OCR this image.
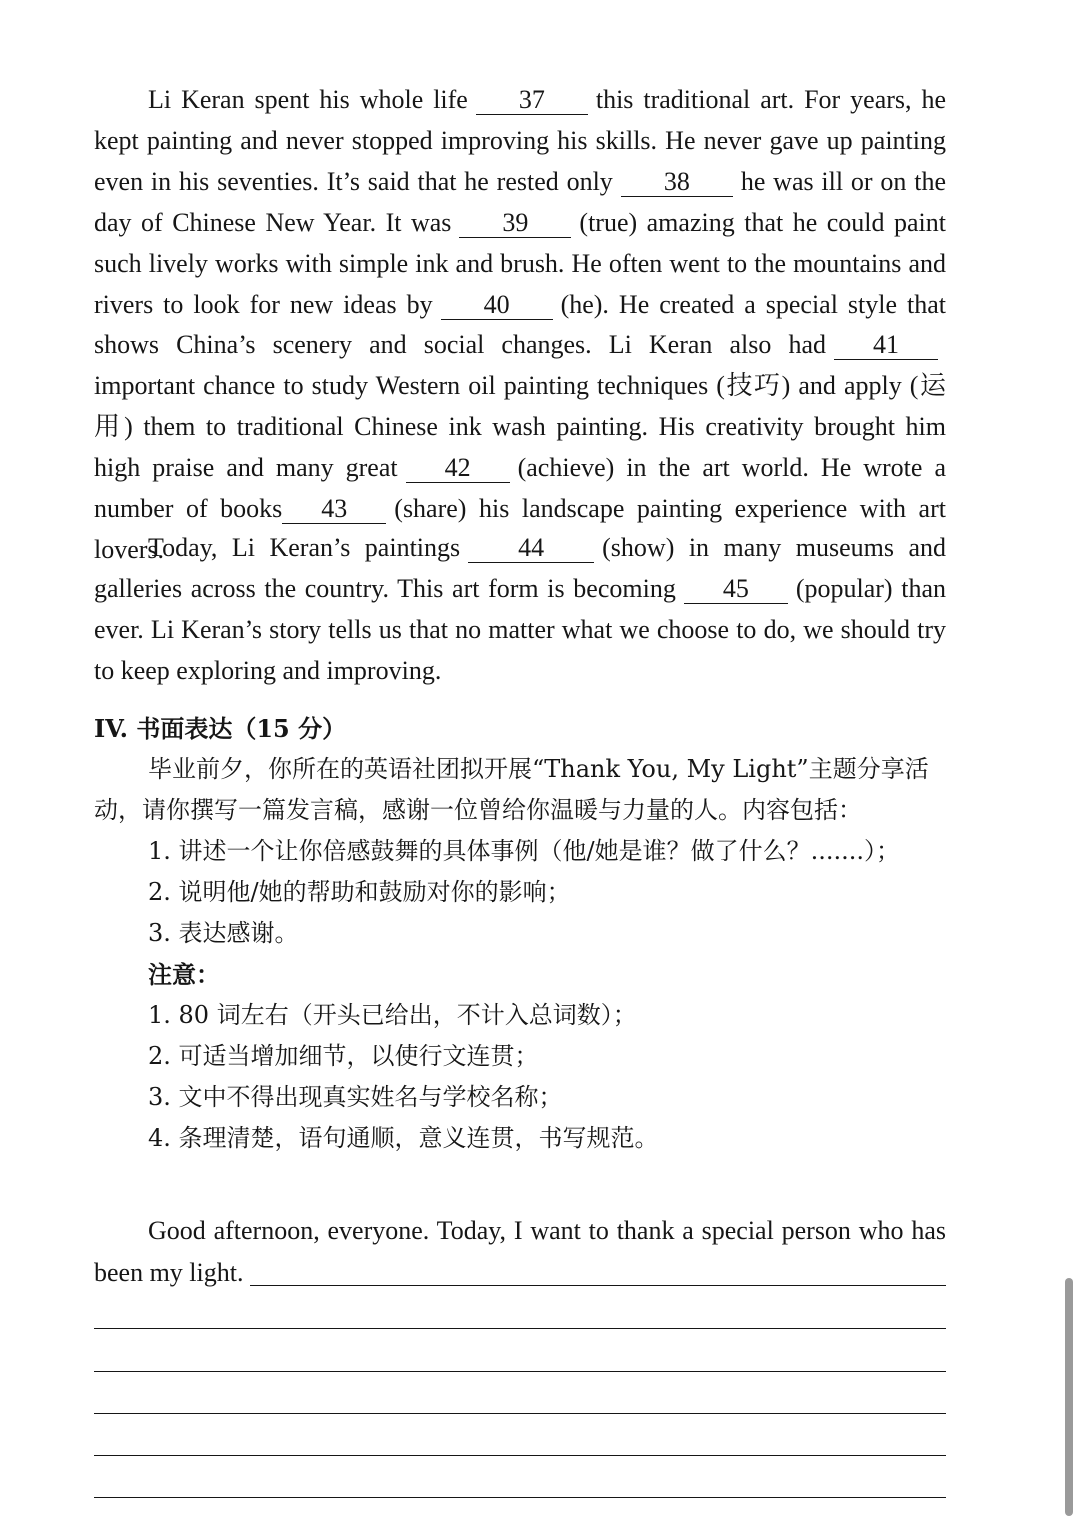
Li Keran spent his whole life 37 this traditional art. For years, he kept painting and never stopped improving his skills. He never gave up painting even in his seventies. It’s said that he rested only 38 he was ill or on the day of Chinese New Year. It was 39 (true) amazing that he could paint such lively works with simple ink and brush. He often went to the mountains and rivers to look for new ideas by 40 (he). He created a special style that shows China’s scenery and social changes. Li Keran also had 41important chance to study Western oil painting techniques (技巧) and apply (运用) them to traditional Chinese ink wash painting. His creativity brought him high praise and many great 42 (achieve) in the art world. He wrote a number of books 43 (share) his landscape painting experience with art lovers.

Today, Li Keran’s paintings 44 (show) in many museums and galleries across the country. This art form is becoming 45 (popular) than ever. Li Keran’s story tells us that no matter what we choose to do, we should try to keep exploring and improving.

IV. 书面表达（15 分）
毕业前夕，你所在的英语社团拟开展“Thank You, My Light”主题分享活动，请你撰写一篇发言稿，感谢一位曾给你温暖与力量的人。内容包括：
1. 讲述一个让你倍感鼓舞的具体事例（他/她是谁？做了什么？.......）；
2. 说明他/她的帮助和鼓励对你的影响；
3. 表达感谢。
注意：
1. 80 词左右（开头已给出，不计入总词数）；
2. 可适当增加细节，以使行文连贯；
3. 文中不得出现真实姓名与学校名称；
4. 条理清楚，语句通顺，意义连贯，书写规范。

Good afternoon, everyone. Today, I want to thank a special person who has been my light.
